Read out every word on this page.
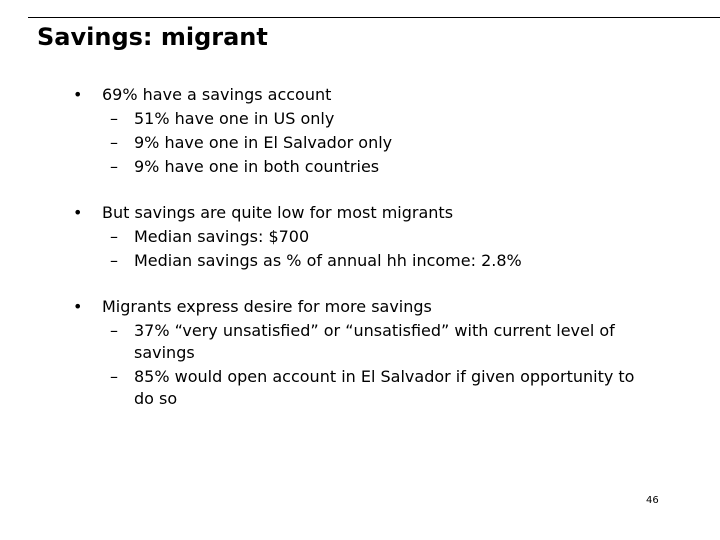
Savings: migrant
• 69% have a savings account
– 51% have one in US only
– 9% have one in El Salvador only
– 9% have one in both countries
• But savings are quite low for most migrants
– Median savings: $700
– Median savings as % of annual hh income: 2.8%
• Migrants express desire for more savings
– 37% “very unsatisfied” or “unsatisfied” with current level of savings
– 85% would open account in El Salvador if given opportunity to do so
46
